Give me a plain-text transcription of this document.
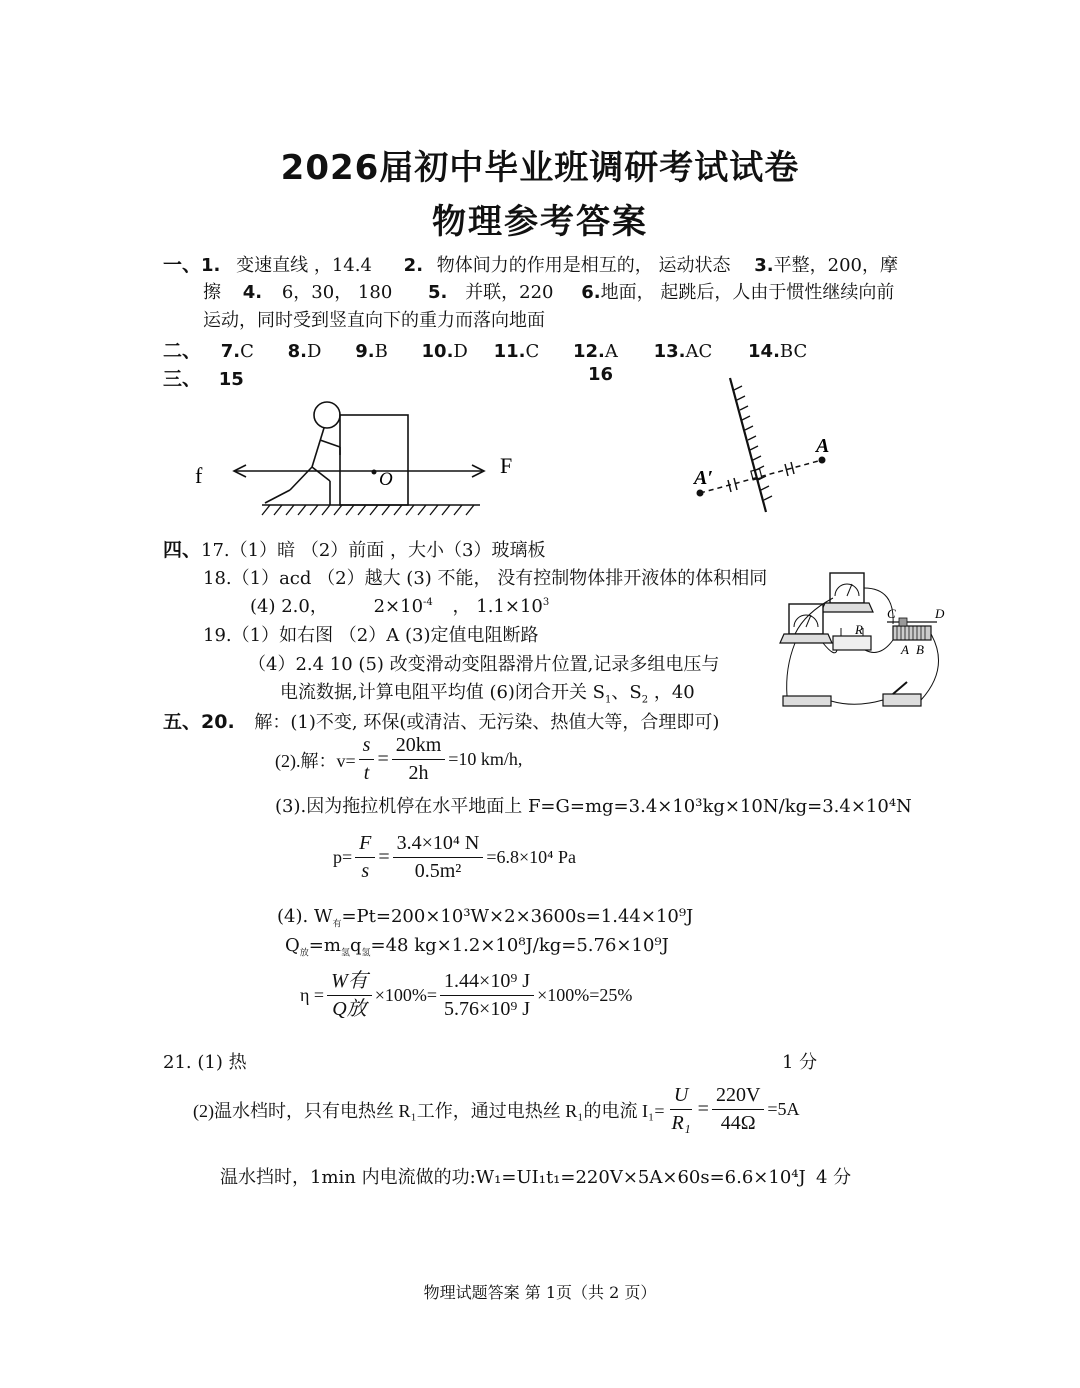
2026届初中毕业班调研考试试卷
物理参考答案
一、1. 变速直线 ，14.4 2. 物体间力的作用是相互的， 运动状态 3.平整，200，摩
擦 4. 6，30， 180 5. 并联，220 6.地面， 起跳后，人由于惯性继续向前
运动，同时受到竖直向下的重力而落向地面
二、 7.C 8.D 9.B 10.D 11.C 12.A 13.AC 14.BC
三、 15	16
O
f	F	A′
A
四、17.（1）暗 （2）前面 ，大小（3）玻璃板
18.（1）acd （2）越大 (3) 不能， 没有控制物体排开液体的体积相同
(4) 2.0，	$2\times 10^{-4}$ ， $1.1\times 10^3$
19.（1）如右图 （2）A (3)定值电阻断路
（4）2.4 10 (5) 改变滑动变阻器滑片位置,记录多组电压与
电流数据,计算电阻平均值 (6)闭合开关 $S_1$、$S_2$ ，40
R
C	D
A B
五、20. 解：(1)不变, 环保(或清洁、无污染、热值大等，合理即可)
(2).解：$v= \frac{s}{t} = \frac{20km}{2h} =10$ km/h,
(3).因为拖拉机停在水平地面上 F=G=mg=3.4×10³kg×10N/kg=3.4×10⁴N
$p= \frac{F}{s} = \frac{\text{3.4×10⁴ N}}{\text{0.5m²}} =6.8\times 10^4$ Pa
(4). $W_有=Pt=200\times 10^3W\times 2\times 3600s=1.44\times 10^9J$
$Q_放=m_氢q_氢=48$ kg×1.2×10⁸J/kg=5.76×10⁹J
$\eta = \frac{\text{W有}}{\text{Q放}} \times 100\%= \frac{\text{1.44×10⁹ J}}{\text{5.76×10⁹ J}} \times 100\%=25\%$
21. (1) 热	1 分
(2)温水档时，只有电热丝 R₁工作，通过电热丝 R₁的电流 $I_1= \frac{U}{\text{R₁}} = \frac{220V}{44\Omega} =5A$
温水挡时，1min 内电流做的功:W₁=UI₁t₁=220V×5A×60s=6.6×10⁴J 4 分
物理试题答案 第 1页（共 2 页）
